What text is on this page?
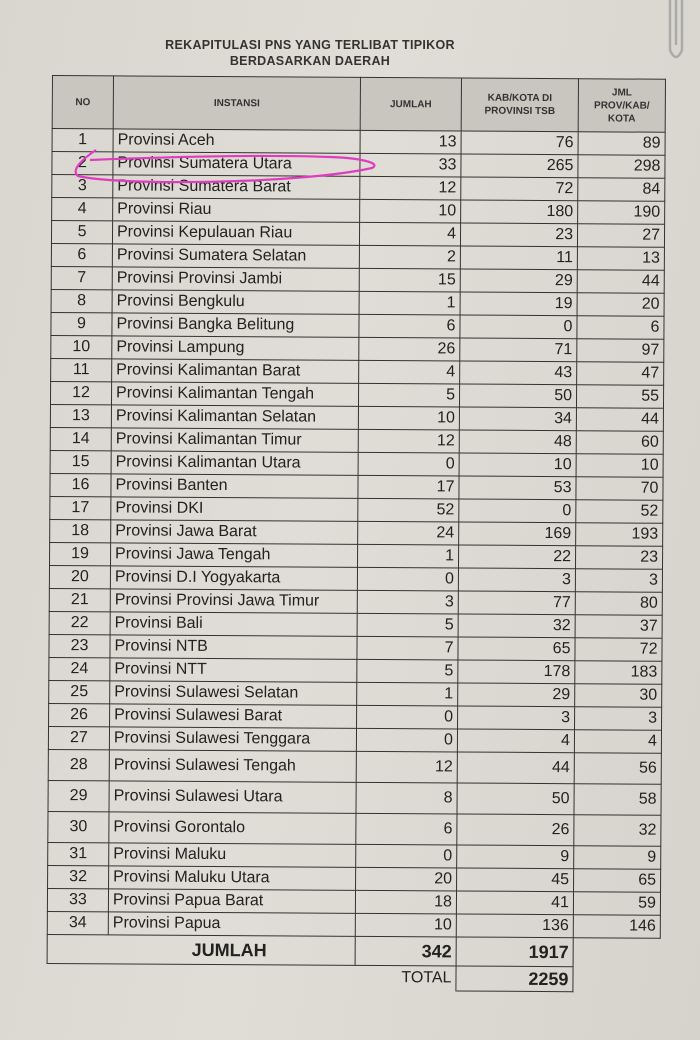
REKAPITULASI PNS YANG TERLIBAT TIPIKOR
BERDASARKAN DAERAH
NO	INSTANSI	JUMLAH	KAB/KOTA DI PROVINSI TSB	JML PROV/KAB/ KOTA
1	Provinsi Aceh	13	76	89
2	Provinsi Sumatera Utara	33	265	298
3	Provinsi Sumatera Barat	12	72	84
4	Provinsi Riau	10	180	190
5	Provinsi Kepulauan Riau	4	23	27
6	Provinsi Sumatera Selatan	2	11	13
7	Provinsi Provinsi Jambi	15	29	44
8	Provinsi Bengkulu	1	19	20
9	Provinsi Bangka Belitung	6	0	6
10	Provinsi Lampung	26	71	97
11	Provinsi Kalimantan Barat	4	43	47
12	Provinsi Kalimantan Tengah	5	50	55
13	Provinsi Kalimantan Selatan	10	34	44
14	Provinsi Kalimantan Timur	12	48	60
15	Provinsi Kalimantan Utara	0	10	10
16	Provinsi Banten	17	53	70
17	Provinsi DKI	52	0	52
18	Provinsi Jawa Barat	24	169	193
19	Provinsi Jawa Tengah	1	22	23
20	Provinsi D.I Yogyakarta	0	3	3
21	Provinsi Provinsi Jawa Timur	3	77	80
22	Provinsi Bali	5	32	37
23	Provinsi NTB	7	65	72
24	Provinsi NTT	5	178	183
25	Provinsi Sulawesi Selatan	1	29	30
26	Provinsi Sulawesi Barat	0	3	3
27	Provinsi Sulawesi Tenggara	0	4	4
28	Provinsi Sulawesi Tengah	12	44	56
29	Provinsi Sulawesi Utara	8	50	58
30	Provinsi Gorontalo	6	26	32
31	Provinsi Maluku	0	9	9
32	Provinsi Maluku Utara	20	45	65
33	Provinsi Papua Barat	18	41	59
34	Provinsi Papua	10	136	146
JUMLAH		342	1917	
		TOTAL	2259	
